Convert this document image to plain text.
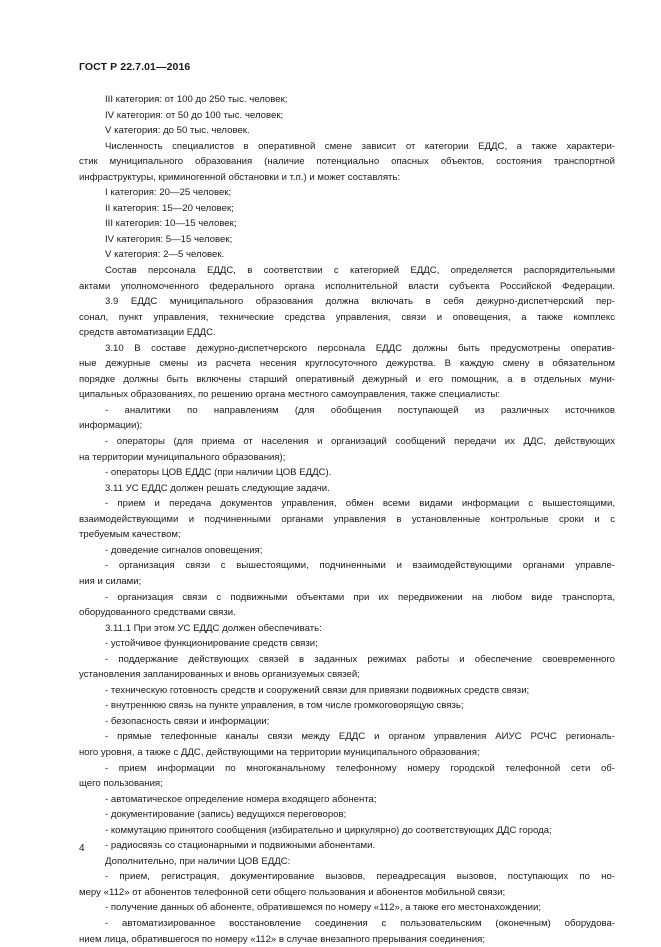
ГОСТ Р 22.7.01—2016
III категория: от 100 до 250 тыс. человек;
IV категория: от 50 до 100 тыс. человек;
V категория: до 50 тыс. человек.
Численность специалистов в оперативной смене зависит от категории ЕДДС, а также характери-
стик муниципального образования (наличие потенциально опасных объектов, состояния транспортной
инфраструктуры, криминогенной обстановки и т.п.) и может составлять:
I категория: 20—25 человек;
II категория: 15—20 человек;
III категория: 10—15 человек;
IV категория: 5—15 человек;
V категория: 2—5 человек.
Состав персонала ЕДДС, в соответствии с категорией ЕДДС, определяется распорядительными
актами уполномоченного федерального органа исполнительной власти субъекта Российской Федерации.
3.9 ЕДДС муниципального образования должна включать в себя дежурно-диспетчерский пер-
сонал, пункт управления, технические средства управления, связи и оповещения, а также комплекс
средств автоматизации ЕДДС.
3.10 В составе дежурно-диспетчерского персонала ЕДДС должны быть предусмотрены оператив-
ные дежурные смены из расчета несения круглосуточного дежурства. В каждую смену в обязательном
порядке должны быть включены старший оперативный дежурный и его помощник, а в отдельных муни-
ципальных образованиях, по решению органа местного самоуправления, также специалисты:
- аналитики по направлениям (для обобщения поступающей из различных источников
информации);
- операторы (для приема от населения и организаций сообщений передачи их ДДС, действующих
на территории муниципального образования);
- операторы ЦОВ ЕДДС (при наличии ЦОВ ЕДДС).
3.11 УС ЕДДС должен решать следующие задачи.
- прием и передача документов управления, обмен всеми видами информации с вышестоящими,
взаимодействующими и подчиненными органами управления в установленные контрольные сроки и с
требуемым качеством;
- доведение сигналов оповещения;
- организация связи с вышестоящими, подчиненными и взаимодействующими органами управле-
ния и силами;
- организация связи с подвижными объектами при их передвижении на любом виде транспорта,
оборудованного средствами связи.
3.11.1 При этом УС ЕДДС должен обеспечивать:
- устойчивое функционирование средств связи;
- поддержание действующих связей в заданных режимах работы и обеспечение своевременного
установления запланированных и вновь организуемых связей;
- техническую готовность средств и сооружений связи для привязки подвижных средств связи;
- внутреннюю связь на пункте управления, в том числе громкоговорящую связь;
- безопасность связи и информации;
- прямые телефонные каналы связи между ЕДДС и органом управления АИУС РСЧС региональ-
ного уровня, а также с ДДС, действующими на территории муниципального образования;
- прием информации по многоканальному телефонному номеру городской телефонной сети об-
щего пользования;
- автоматическое определение номера входящего абонента;
- документирование (запись) ведущихся переговоров;
- коммутацию принятого сообщения (избирательно и циркулярно) до соответствующих ДДС города;
- радиосвязь со стационарными и подвижными абонентами.
Дополнительно, при наличии ЦОВ ЕДДС:
- прием, регистрация, документирование вызовов, переадресация вызовов, поступающих по но-
меру «112» от абонентов телефонной сети общего пользования и абонентов мобильной связи;
- получение данных об абоненте, обратившемся по номеру «112», а также его местонахождении;
- автоматизированное восстановление соединения с пользовательским (оконечным) оборудова-
нием лица, обратившегося по номеру «112» в случае внезапного прерывания соединения;
4
